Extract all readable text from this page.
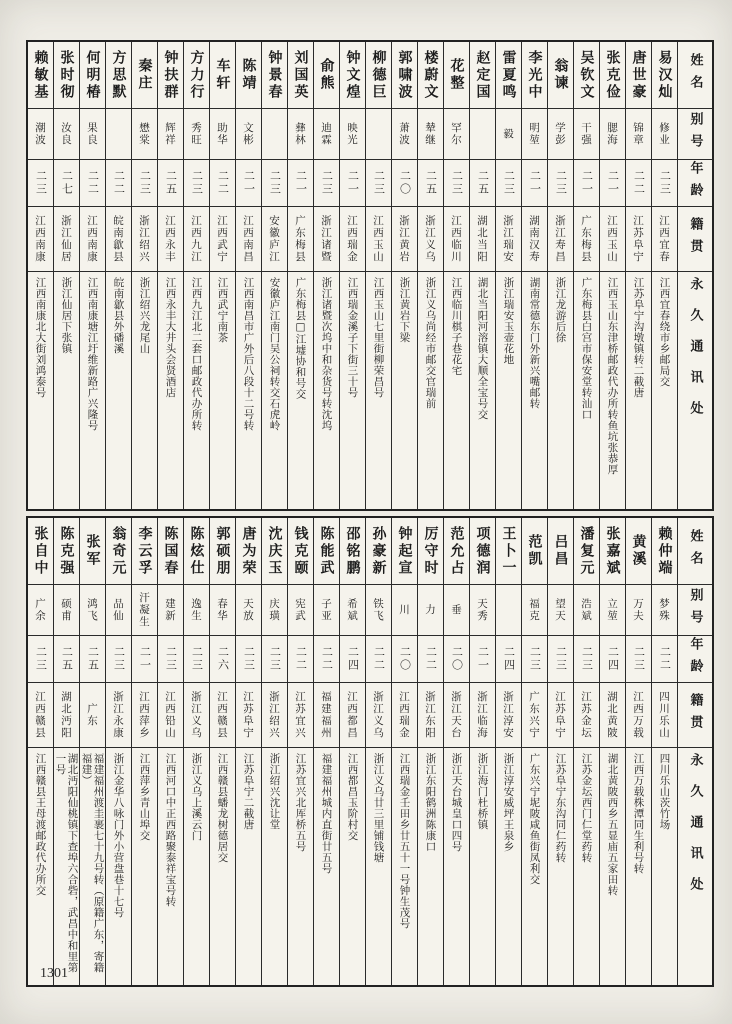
姓名
别号
年龄
籍贯
永久通讯处
易汉灿
修业
二三
江西宜春
江西宜春绕市乡邮局交
唐世豪
锦章
二二
江苏阜宁
江苏阜宁沟墩镇转二截唐
张克俭
腮海
二一
江西玉山
江西玉山东津桥邮政代办所转鱼坑张恭厚
吴钦文
干强
二一
广东梅县
广东梅县白宫市保安堂转汕口
翁谏
学彭
二三
浙江寿昌
浙江龙游后徐
李光中
明堃
二一
湖南汉寿
湖南常德东门外新兴嘴邮转
雷夏鸣
毅
二三
浙江瑞安
浙江瑞安玉壶花地
赵定国
二五
湖北当阳
湖北当阳河溶镇大顺全宝号交
花整
罕尔
二三
江西临川
江西临川棋子巷花宅
楼蔚文
辇继
二五
浙江义乌
浙江义乌尚经市邮交官瑞前
郭啸波
萧波
二〇
浙江黄岩
浙江黄岩下梁
柳德巨
二三
江西玉山
江西玉山七里街柳荣昌号
钟文煌
映光
二一
江西瑞金
江西瑞金溪子下街三十号
俞熊
迪霖
二三
浙江诸暨
浙江诸暨次坞中和杂货号转沈坞
刘国英
彝林
二一
广东梅县
广东梅县□江墟协和号交
钟景春
二三
安徽庐江
安徽庐江南门吴公祠转交石虎岭
陈靖
文彬
二一
江西南昌
江西南昌市广外后八段十二号转
车轩
助华
二二
江西武宁
江西武宁南茶
方力行
秀旺
二三
江西九江
江西九江北二套口邮政代办所转
钟扶群
辉祥
二五
江西永丰
江西永丰大井头会贤酒店
秦庄
懋棠
二三
浙江绍兴
浙江绍兴龙尾山
方思默
二二
皖南歙县
皖南歙县外磻溪
何明椿
果良
二二
江西南康
江西南康塘江圩维新路广兴隆号
张时彻
汝良
二七
浙江仙居
浙江仙居下张镇
赖敏基
潮波
二三
江西南康
江西南康北大街刘鸿泰号
姓名
别号
年龄
籍贯
永久通讯处
赖仲端
梦殊
二二
四川乐山
四川乐山茨竹场
黄溪
万夫
二三
江西万载
江西万载株潭同生利号转
张嘉斌
立堃
二四
湖北黄陂
湖北黄陂西乡五显庙五家田转
潘复元
浩斌
二三
江苏金坛
江苏金坛西门仁堂药转
吕昌
望天
二三
江苏阜宁
江苏阜宁东沟同仁药转
范凯
福克
二三
广东兴宁
广东兴宁坭陂咸鱼街凤利交
王卜一
二四
浙江淳安
浙江淳安威坪王泉乡
项德润
天秀
二一
浙江临海
浙江海门杜桥镇
范允占
垂
二〇
浙江天台
浙江天台城皇口四号
厉守时
力
二二
浙江东阳
浙江东阳鹤洲陈康口
钟起宣
川
二〇
江西瑞金
江西瑞金壬田乡廿五十一号钟生茂号
孙豪新
铁飞
二二
浙江义乌
浙江义乌廿三里铺钱塘
邵铭鹏
希斌
二四
江西都昌
江西都昌玉阶村交
陈能武
子亚
二二
福建福州
福建福州城内直街廿五号
钱克颐
宪武
二二
江苏宜兴
江苏宜兴北厍桥五号
沈庆玉
庆璜
二三
浙江绍兴
浙江绍兴沈让堂
唐为荣
天放
二三
江苏阜宁
江苏阜宁二截唐
郭硕朋
春华
二六
江西赣县
江西赣县蟠龙树德居交
陈炫仕
逸生
二三
浙江义乌
浙江义乌上溪云门
陈国春
建新
二三
江西铅山
江西河口中正西路聚泰祥宝号转
李云孚
汗凝生
二一
江西萍乡
江西萍乡青山埠交
翁奇元
品仙
二三
浙江永康
浙江金华八咏门外小营盘巷十七号
张军
鸿飞
二五
广东
福建福州渡圭裹七十九号转（原籍广东，寄籍福建）
陈克强
硕甫
二五
湖北沔阳
湖北沔阳仙桃镇下查埠六合砦，武昌中和里第一号
张自中
广余
二三
江西赣县
江西赣县王母渡邮政代办所交
1301
